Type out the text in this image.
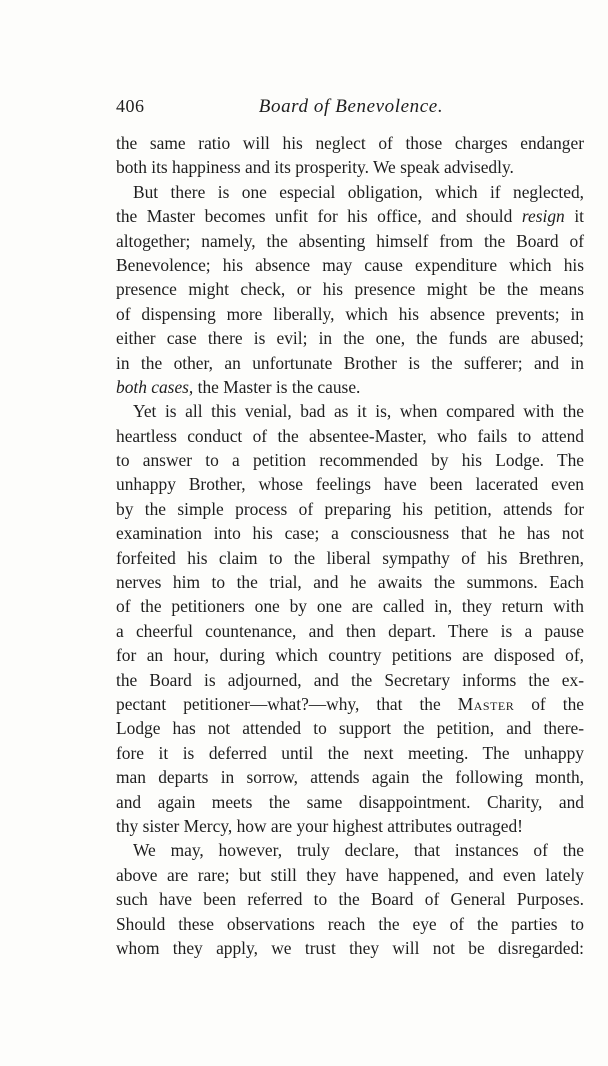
406	Board of Benevolence.
the same ratio will his neglect of those charges endanger
both its happiness and its prosperity. We speak advisedly.
But there is one especial obligation, which if neglected,
the Master becomes unfit for his office, and should resign it
altogether; namely, the absenting himself from the Board of
Benevolence; his absence may cause expenditure which his
presence might check, or his presence might be the means
of dispensing more liberally, which his absence prevents; in
either case there is evil; in the one, the funds are abused;
in the other, an unfortunate Brother is the sufferer; and in
both cases, the Master is the cause.
Yet is all this venial, bad as it is, when compared with the
heartless conduct of the absentee-Master, who fails to attend
to answer to a petition recommended by his Lodge. The
unhappy Brother, whose feelings have been lacerated even
by the simple process of preparing his petition, attends for
examination into his case; a consciousness that he has not
forfeited his claim to the liberal sympathy of his Brethren,
nerves him to the trial, and he awaits the summons. Each
of the petitioners one by one are called in, they return with
a cheerful countenance, and then depart. There is a pause
for an hour, during which country petitions are disposed of,
the Board is adjourned, and the Secretary informs the ex-
pectant petitioner—what?—why, that the Master of the
Lodge has not attended to support the petition, and there-
fore it is deferred until the next meeting. The unhappy
man departs in sorrow, attends again the following month,
and again meets the same disappointment. Charity, and
thy sister Mercy, how are your highest attributes outraged!
We may, however, truly declare, that instances of the
above are rare; but still they have happened, and even lately
such have been referred to the Board of General Purposes.
Should these observations reach the eye of the parties to
whom they apply, we trust they will not be disregarded:
